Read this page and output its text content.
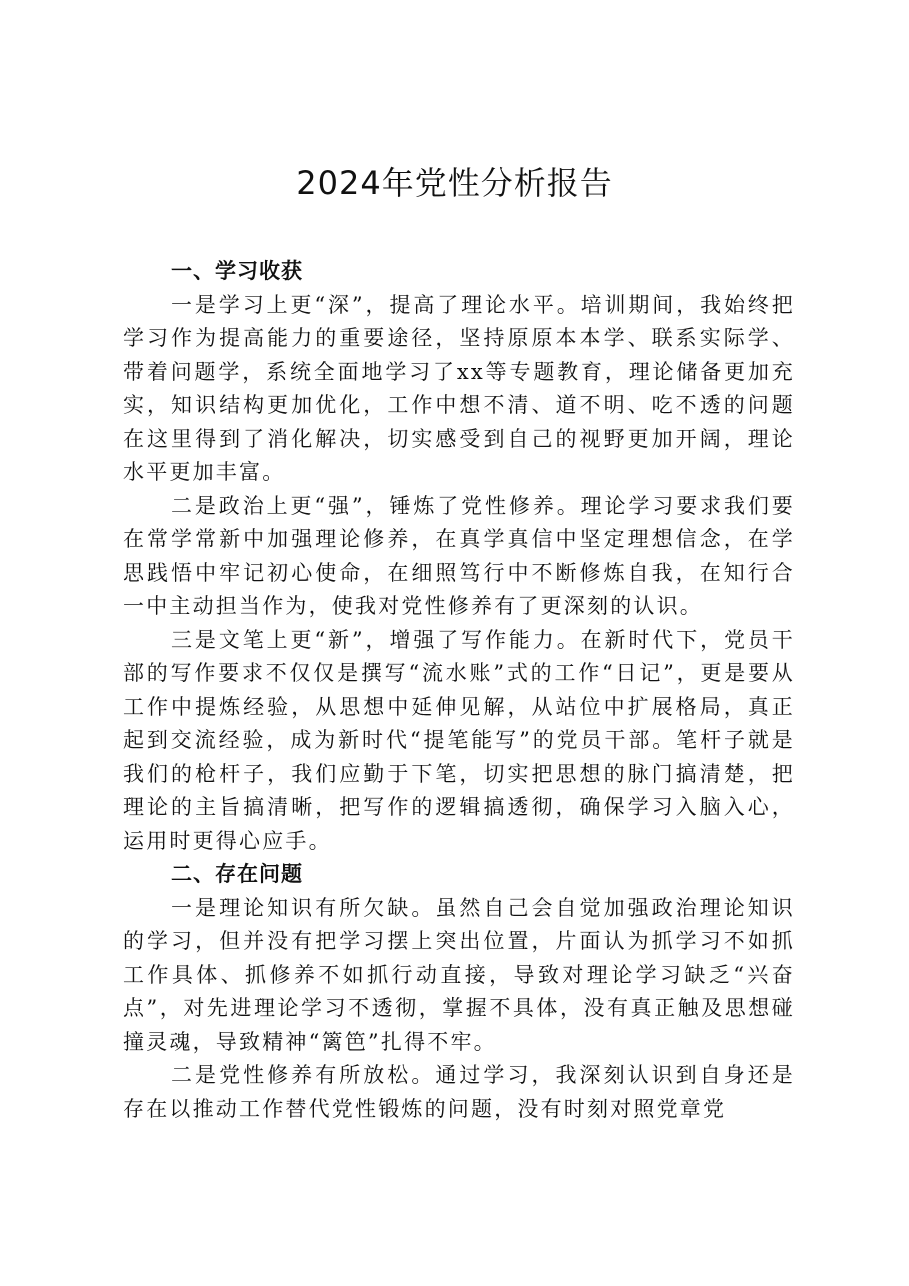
2024年党性分析报告

一、学习收获

一是学习上更“深”，提高了理论水平。培训期间，我始终把学习作为提高能力的重要途径，坚持原原本本学、联系实际学、带着问题学，系统全面地学习了xx等专题教育，理论储备更加充实，知识结构更加优化，工作中想不清、道不明、吃不透的问题在这里得到了消化解决，切实感受到自己的视野更加开阔，理论水平更加丰富。

二是政治上更“强”，锤炼了党性修养。理论学习要求我们要在常学常新中加强理论修养，在真学真信中坚定理想信念，在学思践悟中牢记初心使命，在细照笃行中不断修炼自我，在知行合一中主动担当作为，使我对党性修养有了更深刻的认识。

三是文笔上更“新”，增强了写作能力。在新时代下，党员干部的写作要求不仅仅是撰写“流水账”式的工作“日记”，更是要从工作中提炼经验，从思想中延伸见解，从站位中扩展格局，真正起到交流经验，成为新时代“提笔能写”的党员干部。笔杆子就是我们的枪杆子，我们应勤于下笔，切实把思想的脉门搞清楚，把理论的主旨搞清晰，把写作的逻辑搞透彻，确保学习入脑入心，运用时更得心应手。

二、存在问题

一是理论知识有所欠缺。虽然自己会自觉加强政治理论知识的学习，但并没有把学习摆上突出位置，片面认为抓学习不如抓工作具体、抓修养不如抓行动直接，导致对理论学习缺乏“兴奋点”，对先进理论学习不透彻，掌握不具体，没有真正触及思想碰撞灵魂，导致精神“篱笆”扎得不牢。

二是党性修养有所放松。通过学习，我深刻认识到自身还是存在以推动工作替代党性锻炼的问题，没有时刻对照党章党
